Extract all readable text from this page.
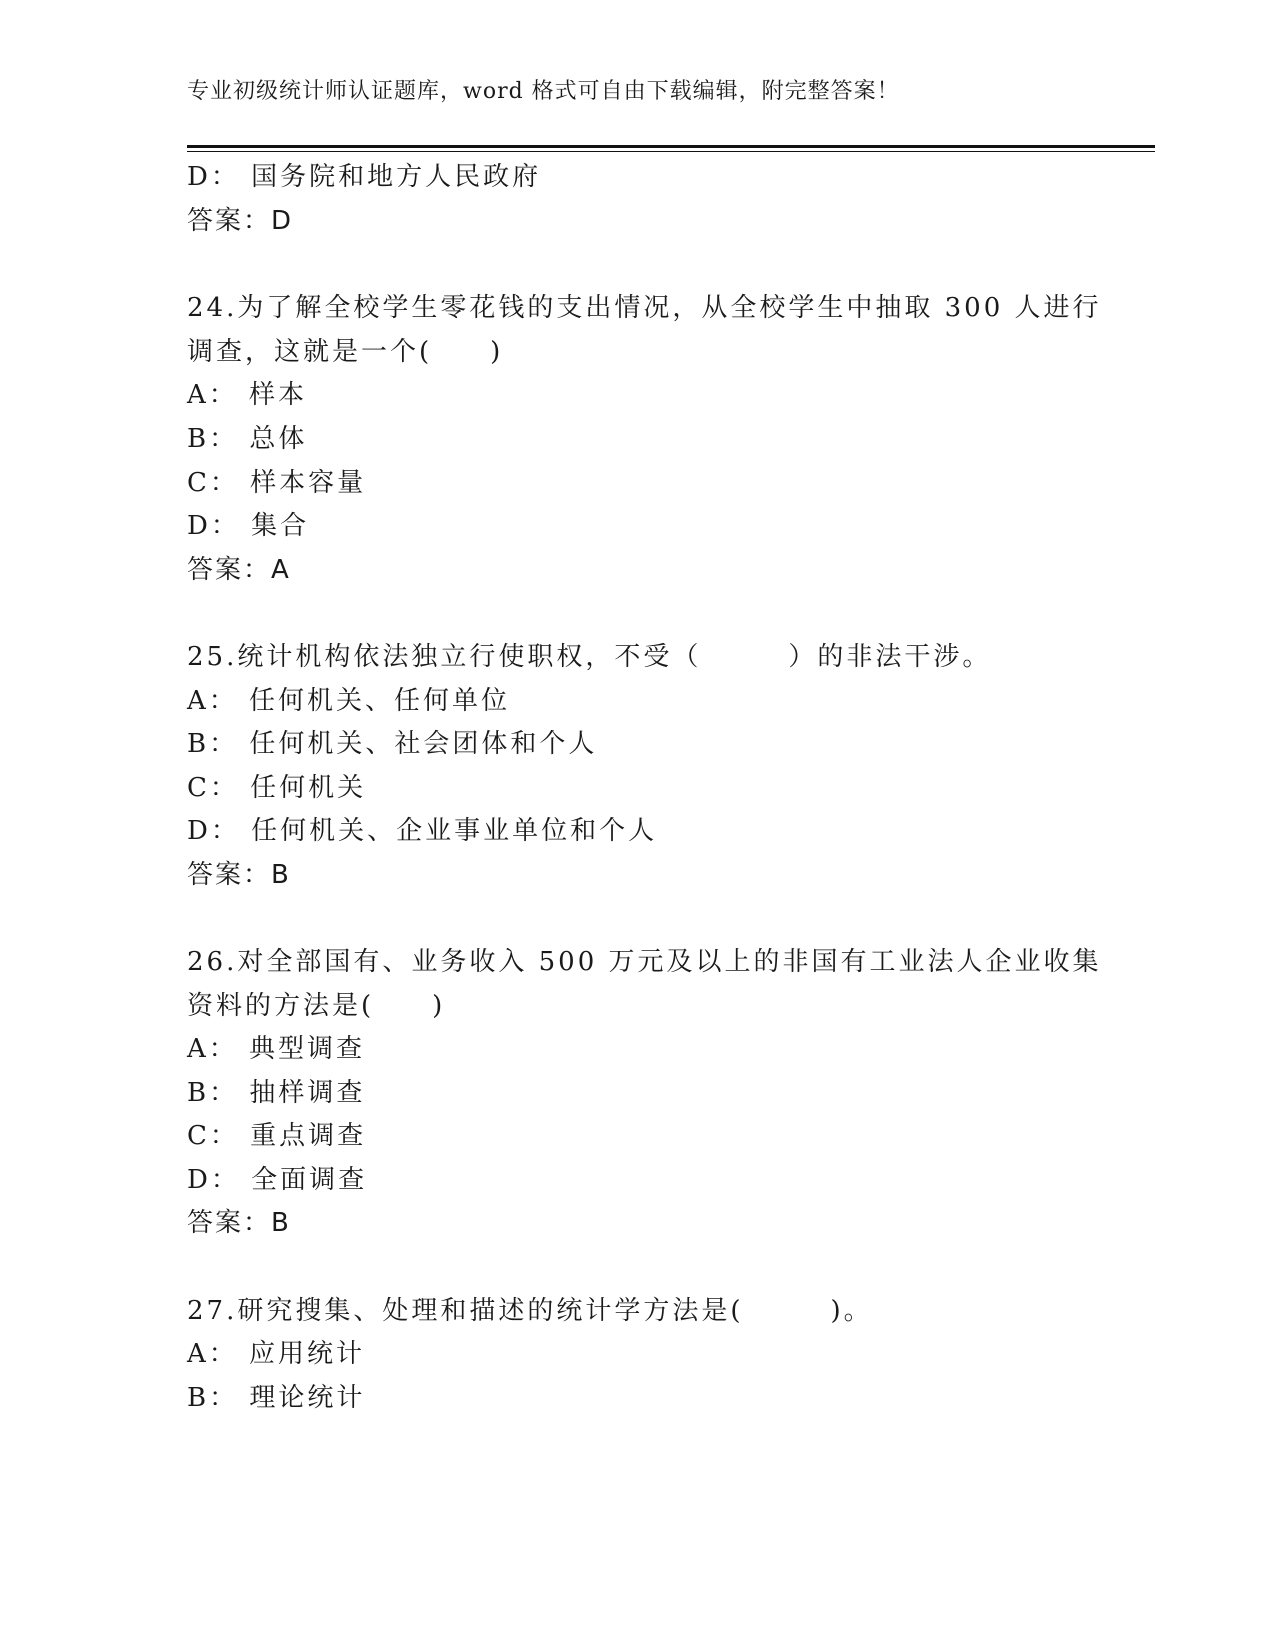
专业初级统计师认证题库，word 格式可自由下载编辑，附完整答案！
D： 国务院和地方人民政府
答案：D
24.为了解全校学生零花钱的支出情况，从全校学生中抽取 300 人进行
调查，这就是一个(　　)
A： 样本
B： 总体
C： 样本容量
D： 集合
答案：A
25.统计机构依法独立行使职权，不受（　　　）的非法干涉。
A： 任何机关、任何单位
B： 任何机关、社会团体和个人
C： 任何机关
D： 任何机关、企业事业单位和个人
答案：B
26.对全部国有、业务收入 500 万元及以上的非国有工业法人企业收集
资料的方法是(　　)
A： 典型调查
B： 抽样调查
C： 重点调查
D： 全面调查
答案：B
27.研究搜集、处理和描述的统计学方法是(　　　)。
A： 应用统计
B： 理论统计
